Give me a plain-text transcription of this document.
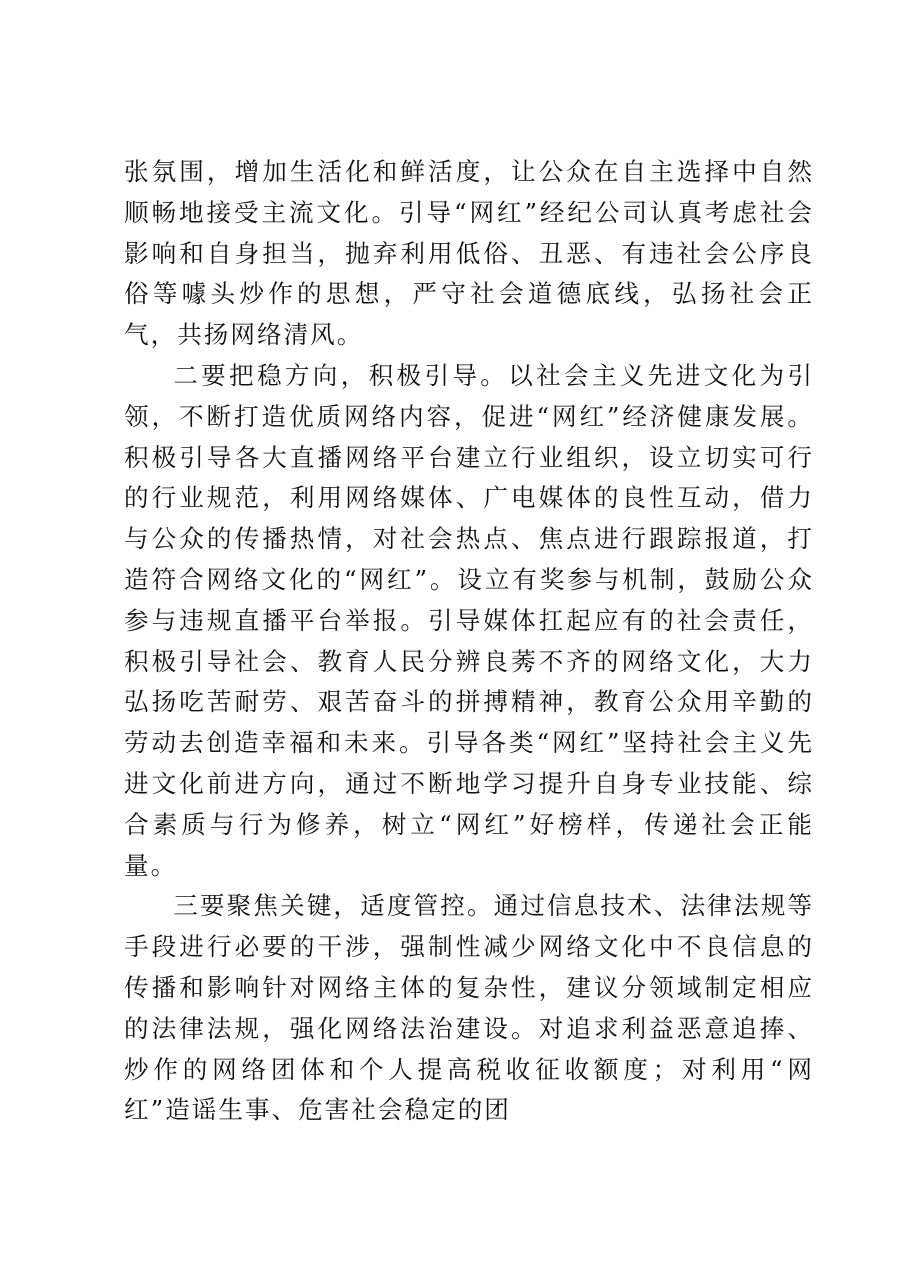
张氛围，增加生活化和鲜活度，让公众在自主选择中自然顺畅地接受主流文化。引导“网红”经纪公司认真考虑社会影响和自身担当，抛弃利用低俗、丑恶、有违社会公序良俗等噱头炒作的思想，严守社会道德底线，弘扬社会正气，共扬网络清风。

二要把稳方向，积极引导。以社会主义先进文化为引领，不断打造优质网络内容，促进“网红”经济健康发展。积极引导各大直播网络平台建立行业组织，设立切实可行的行业规范，利用网络媒体、广电媒体的良性互动，借力与公众的传播热情，对社会热点、焦点进行跟踪报道，打造符合网络文化的“网红”。设立有奖参与机制，鼓励公众参与违规直播平台举报。引导媒体扛起应有的社会责任，积极引导社会、教育人民分辨良莠不齐的网络文化，大力弘扬吃苦耐劳、艰苦奋斗的拼搏精神，教育公众用辛勤的劳动去创造幸福和未来。引导各类“网红”坚持社会主义先进文化前进方向，通过不断地学习提升自身专业技能、综合素质与行为修养，树立“网红”好榜样，传递社会正能量。

三要聚焦关键，适度管控。通过信息技术、法律法规等手段进行必要的干涉，强制性减少网络文化中不良信息的传播和影响针对网络主体的复杂性，建议分领域制定相应的法律法规，强化网络法治建设。对追求利益恶意追捧、炒作的网络团体和个人提高税收征收额度；对利用“网红”造谣生事、危害社会稳定的团
